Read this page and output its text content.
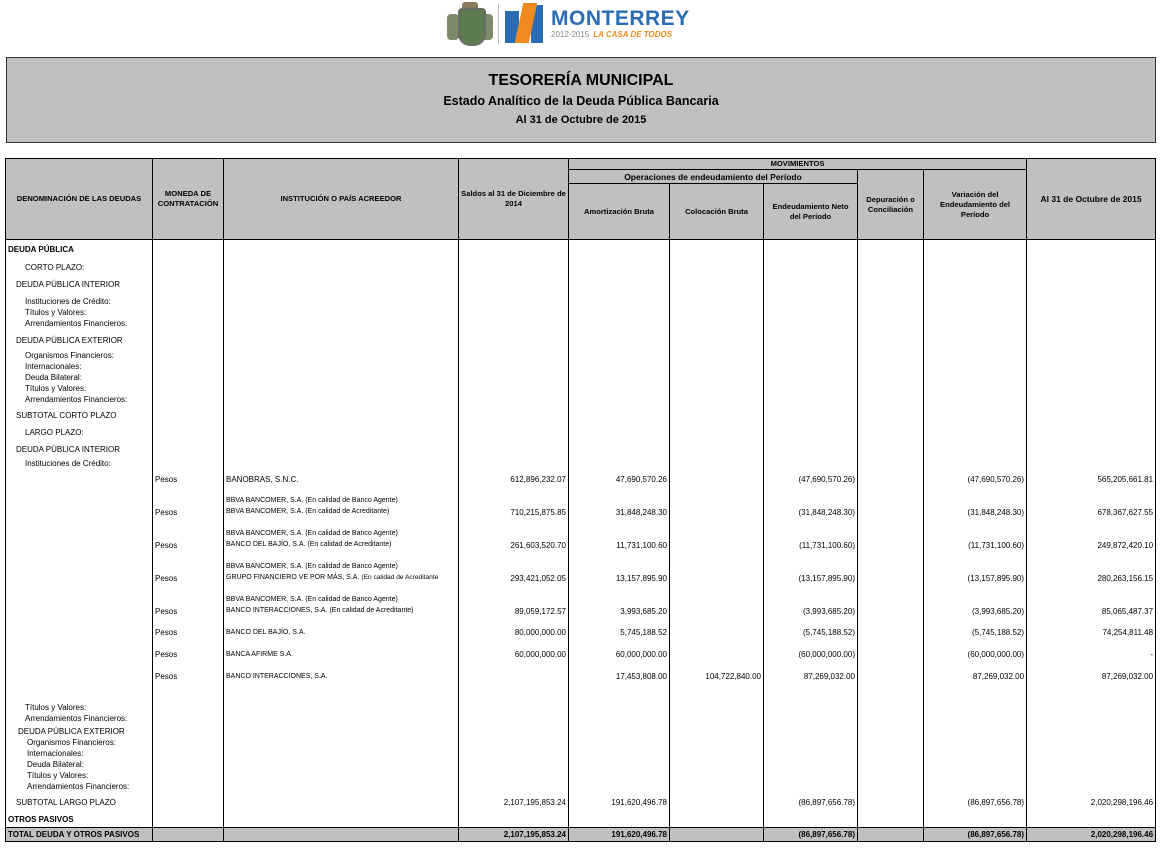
MONTERREY
2012-2015 LA CASA DE TODOS
TESORERÍA MUNICIPAL
Estado Analítico de la Deuda Pública Bancaria
Al 31 de Octubre de 2015
DENOMINACIÓN DE LAS DEUDAS	MONEDA DE CONTRATACIÓN	INSTITUCIÓN O PAÍS ACREEDOR	Saldos al 31 de Diciembre de 2014	MOVIMIENTOS					Al 31 de Octubre de 2015
				Operaciones de endeudamiento del Período			Depuración o Conciliación	Variación del Endeudamiento del Período	
				Amortización Bruta	Colocación Bruta	Endeudamiento Neto del Período			
DEUDA PÚBLICA									
CORTO PLAZO:									
DEUDA PÚBLICA INTERIOR									

Instituciones de Crédito:
Títulos y Valores:
Arrendamientos Financieros:									

DEUDA PÚBLICA EXTERIOR									

Organismos Financieros:
Internacionales:
Deuda Bilateral:
Títulos y Valores:
Arrendamientos Financieros:									

SUBTOTAL CORTO PLAZO									
LARGO PLAZO:									
DEUDA PÚBLICA INTERIOR									
Instituciones de Crédito:									
	Pesos	BANOBRAS, S.N.C.	612,896,232.07	47,690,570.26		(47,690,570.26)		(47,690,570.26)	565,205,661.81
	Pesos	BBVA BANCOMER, S.A. (En calidad de Banco Agente)
BBVA BANCOMER, S.A. (En calidad de Acreditante)	710,215,875.85	31,848,248.30		(31,848,248.30)		(31,848,248.30)	678,367,627.55
	Pesos	BBVA BANCOMER, S.A. (En calidad de Banco Agente)
BANCO DEL BAJÍO, S.A. (En calidad de Acreditante)	261,603,520.70	11,731,100.60		(11,731,100.60)		(11,731,100.60)	249,872,420.10
	Pesos	BBVA BANCOMER, S.A. (En calidad de Banco Agente)
GRUPO FINANCIERO VE POR MÁS, S.A. (En calidad de Acreditante	293,421,052.05	13,157,895.90		(13,157,895.90)		(13,157,895.90)	280,263,156.15
	Pesos	BBVA BANCOMER, S.A. (En calidad de Banco Agente)
BANCO INTERACCIONES, S.A. (En calidad de Acreditante)	89,059,172.57	3,993,685.20		(3,993,685.20)		(3,993,685.20)	85,065,487.37
	Pesos	BANCO DEL BAJÍO, S.A.	80,000,000.00	5,745,188.52		(5,745,188.52)		(5,745,188.52)	74,254,811.48
	Pesos	BANCA AFIRME S.A.	60,000,000.00	60,000,000.00		(60,000,000.00)		(60,000,000.00)	-
	Pesos	BANCO INTERACCIONES, S.A.		17,453,808.00	104,722,840.00	87,269,032.00		87,269,032.00	87,269,032.00

Títulos y Valores:
Arrendamientos Financieros:									

DEUDA PÚBLICA EXTERIOR
Organismos Financieros:
Internacionales:
Deuda Bilateral:
Títulos y Valores:
Arrendamientos Financieros:

SUBTOTAL LARGO PLAZO			2,107,195,853.24	191,620,496.78		(86,897,656.78)		(86,897,656.78)	2,020,298,196.46
OTROS PASIVOS									
TOTAL DEUDA Y OTROS PASIVOS			2,107,195,853.24	191,620,496.78		(86,897,656.78)		(86,897,656.78)	2,020,298,196.46
